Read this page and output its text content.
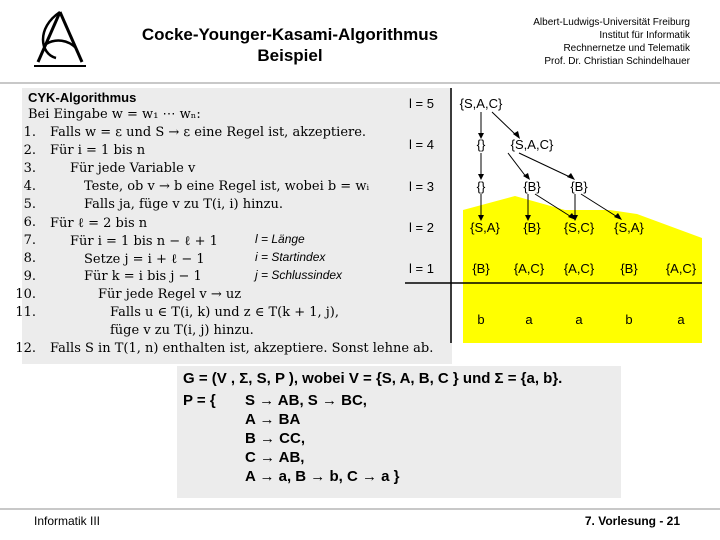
Cocke-Younger-Kasami-Algorithmus
Beispiel
Albert-Ludwigs-Universität Freiburg
Institut für Informatik
Rechnernetze und Telematik
Prof. Dr. Christian Schindelhauer
CYK-Algorithmus
Bei Eingabe w = w₁ ⋯ wₙ:
1. Falls w = ε und S → ε eine Regel ist, akzeptiere.
2. Für i = 1 bis n
3.	Für jede Variable v
4.	Teste, ob v → b eine Regel ist, wobei b = wᵢ
5.	Falls ja, füge v zu T(i, i) hinzu.
6. Für ℓ = 2 bis n
7.	Für i = 1 bis n − ℓ + 1
8.	Setze j = i + ℓ − 1
9.	Für k = i bis j − 1
10.	Für jede Regel v → uz
11.	Falls u ∈ T(i, k) und z ∈ T(k + 1, j),
füge v zu T(i, j) hinzu.
12. Falls S in T(1, n) enthalten ist, akzeptiere. Sonst lehne ab.
l = Länge
i = Startindex
j = Schlussindex
l = 5
l = 4
l = 3
l = 2
l = 1
{S,A,C}
{} {S,A,C}
{}	{B} {B}
{S,A} {B} {S,C} {S,A}
{B} {A,C} {A,C} {B} {A,C}
b	a	a	b	a
G = (V , Σ, S, P ), wobei V = {S, A, B, C } und Σ = {a, b}.
P = { S → AB, S → BC,
A → BA
B → CC,
C → AB,
A → a, B → b, C → a }
Informatik III	7. Vorlesung - 21
